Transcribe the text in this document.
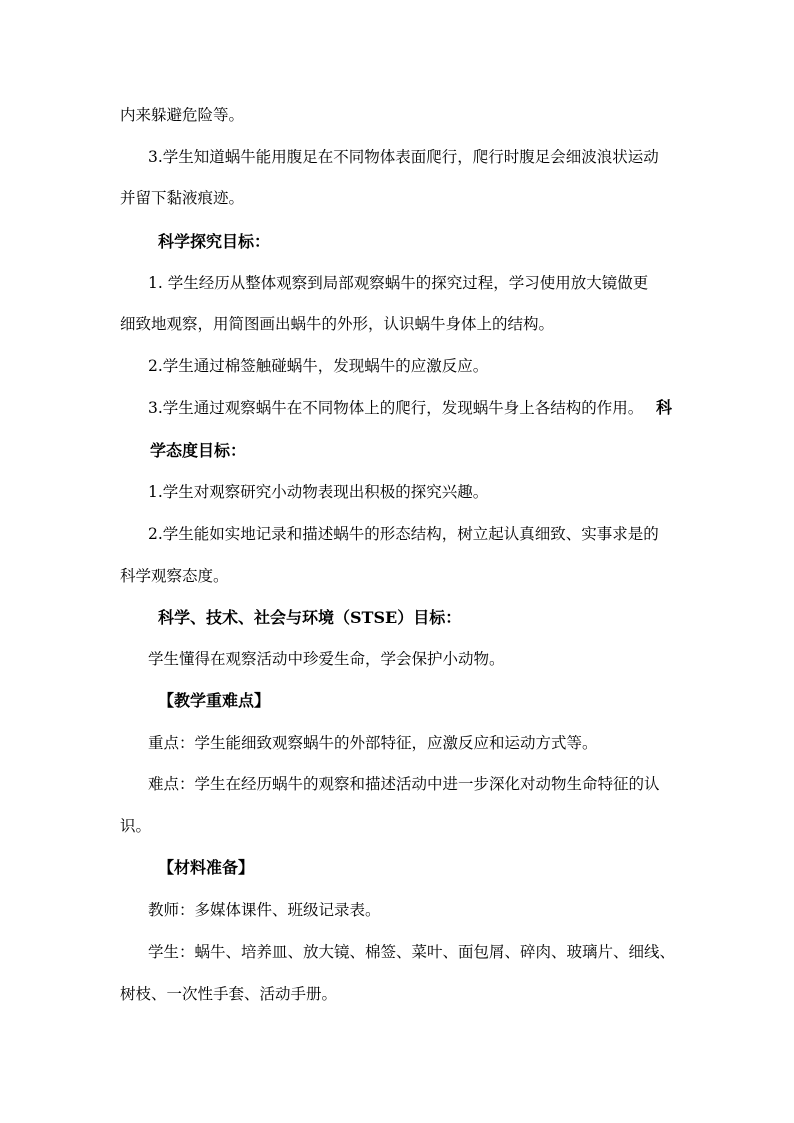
内来躲避危险等。
3.学生知道蜗牛能用腹足在不同物体表面爬行，爬行时腹足会细波浪状运动
并留下黏液痕迹。
科学探究目标：
1. 学生经历从整体观察到局部观察蜗牛的探究过程，学习使用放大镜做更
细致地观察，用简图画出蜗牛的外形，认识蜗牛身体上的结构。
2.学生通过棉签触碰蜗牛，发现蜗牛的应激反应。
3.学生通过观察蜗牛在不同物体上的爬行，发现蜗牛身上各结构的作用。 科
学态度目标：
1.学生对观察研究小动物表现出积极的探究兴趣。
2.学生能如实地记录和描述蜗牛的形态结构，树立起认真细致、实事求是的
科学观察态度。
科学、技术、社会与环境（STSE）目标：
学生懂得在观察活动中珍爱生命，学会保护小动物。
【教学重难点】
重点：学生能细致观察蜗牛的外部特征，应激反应和运动方式等。
难点：学生在经历蜗牛的观察和描述活动中进一步深化对动物生命特征的认
识。
【材料准备】
教师：多媒体课件、班级记录表。
学生：蜗牛、培养皿、放大镜、棉签、菜叶、面包屑、碎肉、玻璃片、细线、
树枝、一次性手套、活动手册。
